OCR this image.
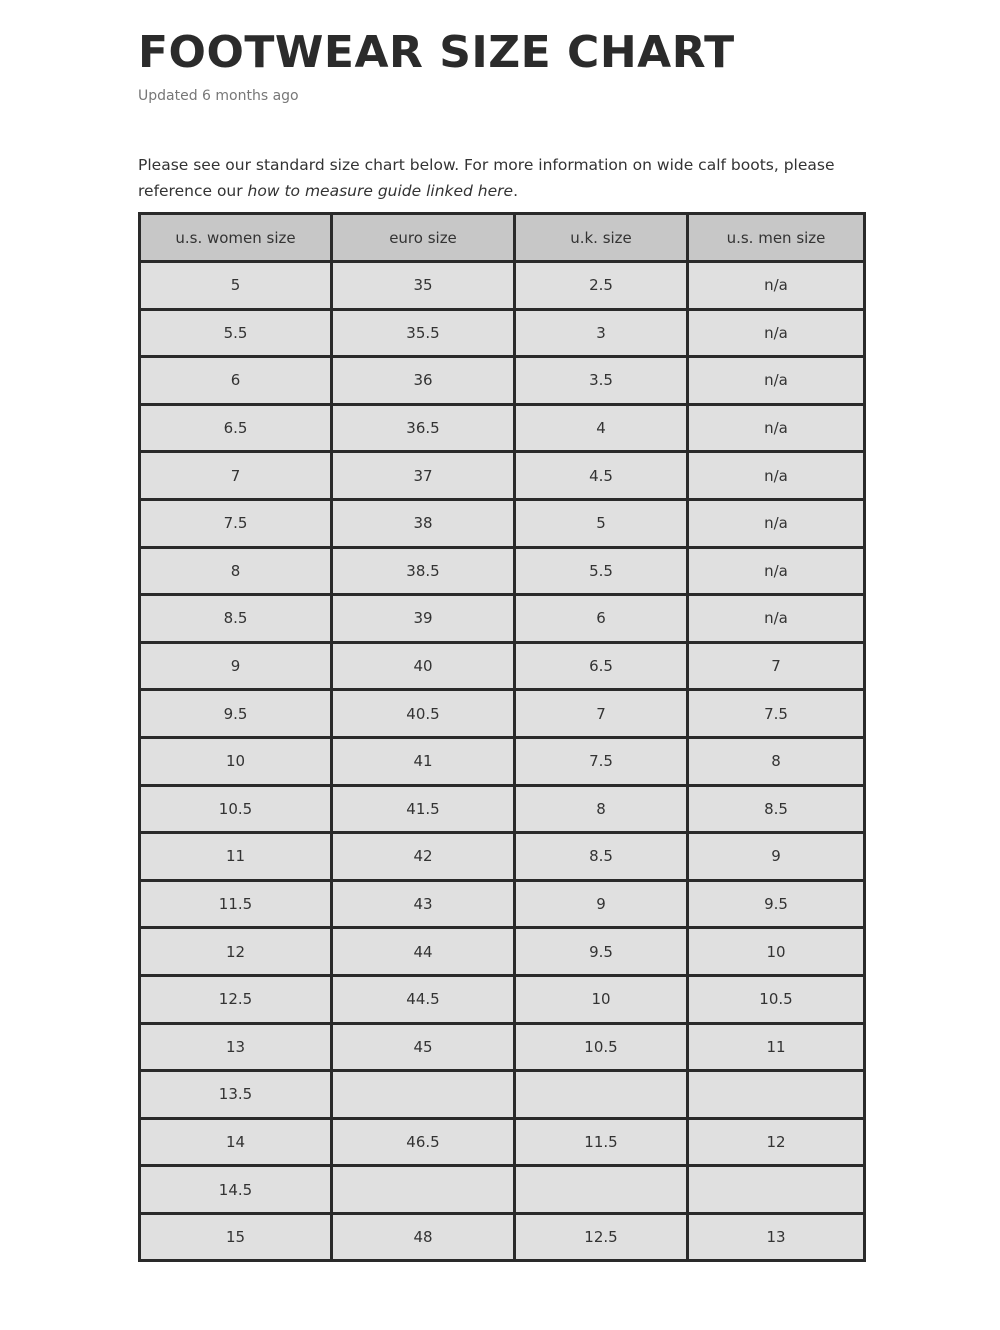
FOOTWEAR SIZE CHART
Updated 6 months ago

Please see our standard size chart below. For more information on wide calf boots, please reference our how to measure guide linked here.

u.s. women size	euro size	u.k. size	u.s. men size
5	35	2.5	n/a
5.5	35.5	3	n/a
6	36	3.5	n/a
6.5	36.5	4	n/a
7	37	4.5	n/a
7.5	38	5	n/a
8	38.5	5.5	n/a
8.5	39	6	n/a
9	40	6.5	7
9.5	40.5	7	7.5
10	41	7.5	8
10.5	41.5	8	8.5
11	42	8.5	9
11.5	43	9	9.5
12	44	9.5	10
12.5	44.5	10	10.5
13	45	10.5	11
13.5			
14	46.5	11.5	12
14.5			
15	48	12.5	13
